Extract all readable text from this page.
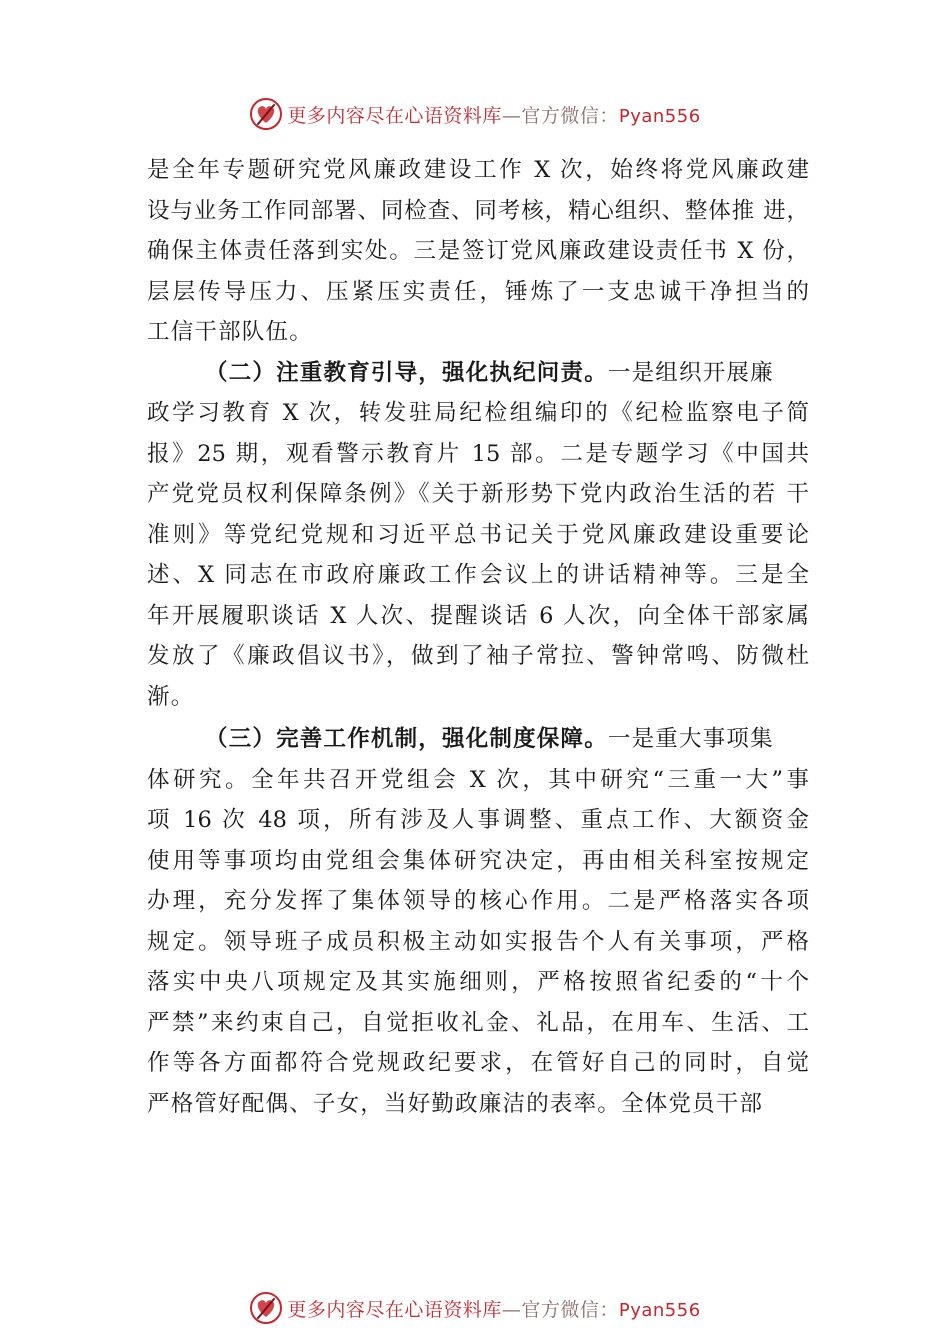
更多内容尽在心语资料库—官方微信：Pyan556
是全年专题研究党风廉政建设工作 X 次，始终将党风廉政建
设与业务工作同部署、同检查、同考核，精心组织、整体推 进，
确保主体责任落到实处。三是签订党风廉政建设责任书 X 份，
层层传导压力、压紧压实责任，锤炼了一支忠诚干净担当的
工信干部队伍。
（二）注重教育引导，强化执纪问责。一是组织开展廉
政学习教育 X 次，转发驻局纪检组编印的《纪检监察电子简
报》25 期，观看警示教育片 15 部。二是专题学习《中国共
产党党员权利保障条例》《关于新形势下党内政治生活的若 干
准则》等党纪党规和习近平总书记关于党风廉政建设重要论
述、X 同志在市政府廉政工作会议上的讲话精神等。三是全
年开展履职谈话 X 人次、提醒谈话 6 人次，向全体干部家属
发放了《廉政倡议书》，做到了袖子常拉、警钟常鸣、防微杜
渐。
（三）完善工作机制，强化制度保障。一是重大事项集
体研究。全年共召开党组会 X 次，其中研究“三重一大”事
项 16 次 48 项，所有涉及人事调整、重点工作、大额资金
使用等事项均由党组会集体研究决定，再由相关科室按规定
办理，充分发挥了集体领导的核心作用。二是严格落实各项
规定。领导班子成员积极主动如实报告个人有关事项，严格
落实中央八项规定及其实施细则，严格按照省纪委的“十个
严禁”来约束自己，自觉拒收礼金、礼品，在用车、生活、工
作等各方面都符合党规政纪要求，在管好自己的同时，自觉
严格管好配偶、子女，当好勤政廉洁的表率。全体党员干部
更多内容尽在心语资料库—官方微信：Pyan556
